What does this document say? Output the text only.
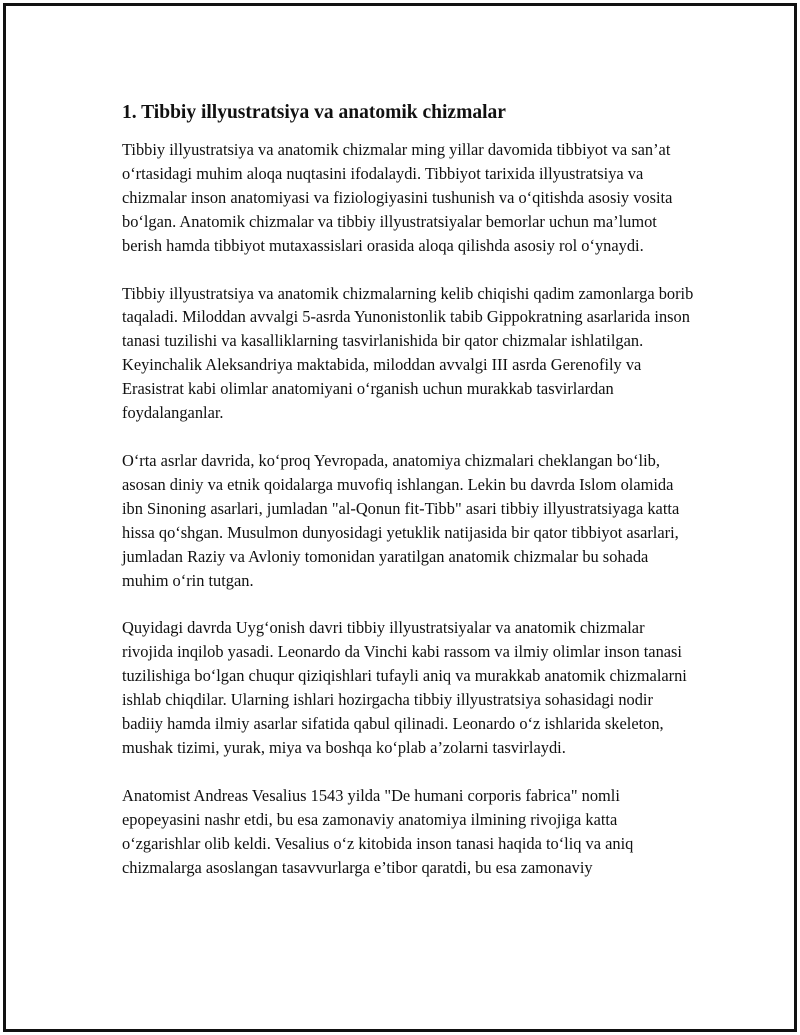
1. Tibbiy illyustratsiya va anatomik chizmalar

Tibbiy illyustratsiya va anatomik chizmalar ming yillar davomida tibbiyot va san’at o‘rtasidagi muhim aloqa nuqtasini ifodalaydi. Tibbiyot tarixida illyustratsiya va chizmalar inson anatomiyasi va fiziologiyasini tushunish va o‘qitishda asosiy vosita bo‘lgan. Anatomik chizmalar va tibbiy illyustratsiyalar bemorlar uchun ma’lumot berish hamda tibbiyot mutaxassislari orasida aloqa qilishda asosiy rol o‘ynaydi.

Tibbiy illyustratsiya va anatomik chizmalarning kelib chiqishi qadim zamonlarga borib taqaladi. Miloddan avvalgi 5-asrda Yunonistonlik tabib Gippokratning asarlarida inson tanasi tuzilishi va kasalliklarning tasvirlanishida bir qator chizmalar ishlatilgan. Keyinchalik Aleksandriya maktabida, miloddan avvalgi III asrda Gerenofily va Erasistrat kabi olimlar anatomiyani o‘rganish uchun murakkab tasvirlardan foydalanganlar.

O‘rta asrlar davrida, ko‘proq Yevropada, anatomiya chizmalari cheklangan bo‘lib, asosan diniy va etnik qoidalarga muvofiq ishlangan. Lekin bu davrda Islom olamida ibn Sinoning asarlari, jumladan "al-Qonun fit-Tibb" asari tibbiy illyustratsiyaga katta hissa qo‘shgan. Musulmon dunyosidagi yetuklik natijasida bir qator tibbiyot asarlari, jumladan Raziy va Avloniy tomonidan yaratilgan anatomik chizmalar bu sohada muhim o‘rin tutgan.

Quyidagi davrda Uyg‘onish davri tibbiy illyustratsiyalar va anatomik chizmalar rivojida inqilob yasadi. Leonardo da Vinchi kabi rassom va ilmiy olimlar inson tanasi tuzilishiga bo‘lgan chuqur qiziqishlari tufayli aniq va murakkab anatomik chizmalarni ishlab chiqdilar. Ularning ishlari hozirgacha tibbiy illyustratsiya sohasidagi nodir badiiy hamda ilmiy asarlar sifatida qabul qilinadi. Leonardo o‘z ishlarida skeleton, mushak tizimi, yurak, miya va boshqa ko‘plab a’zolarni tasvirlaydi.

Anatomist Andreas Vesalius 1543 yilda "De humani corporis fabrica" nomli epopeyasini nashr etdi, bu esa zamonaviy anatomiya ilmining rivojiga katta o‘zgarishlar olib keldi. Vesalius o‘z kitobida inson tanasi haqida to‘liq va aniq chizmalarga asoslangan tasavvurlarga e’tibor qaratdi, bu esa zamonaviy
